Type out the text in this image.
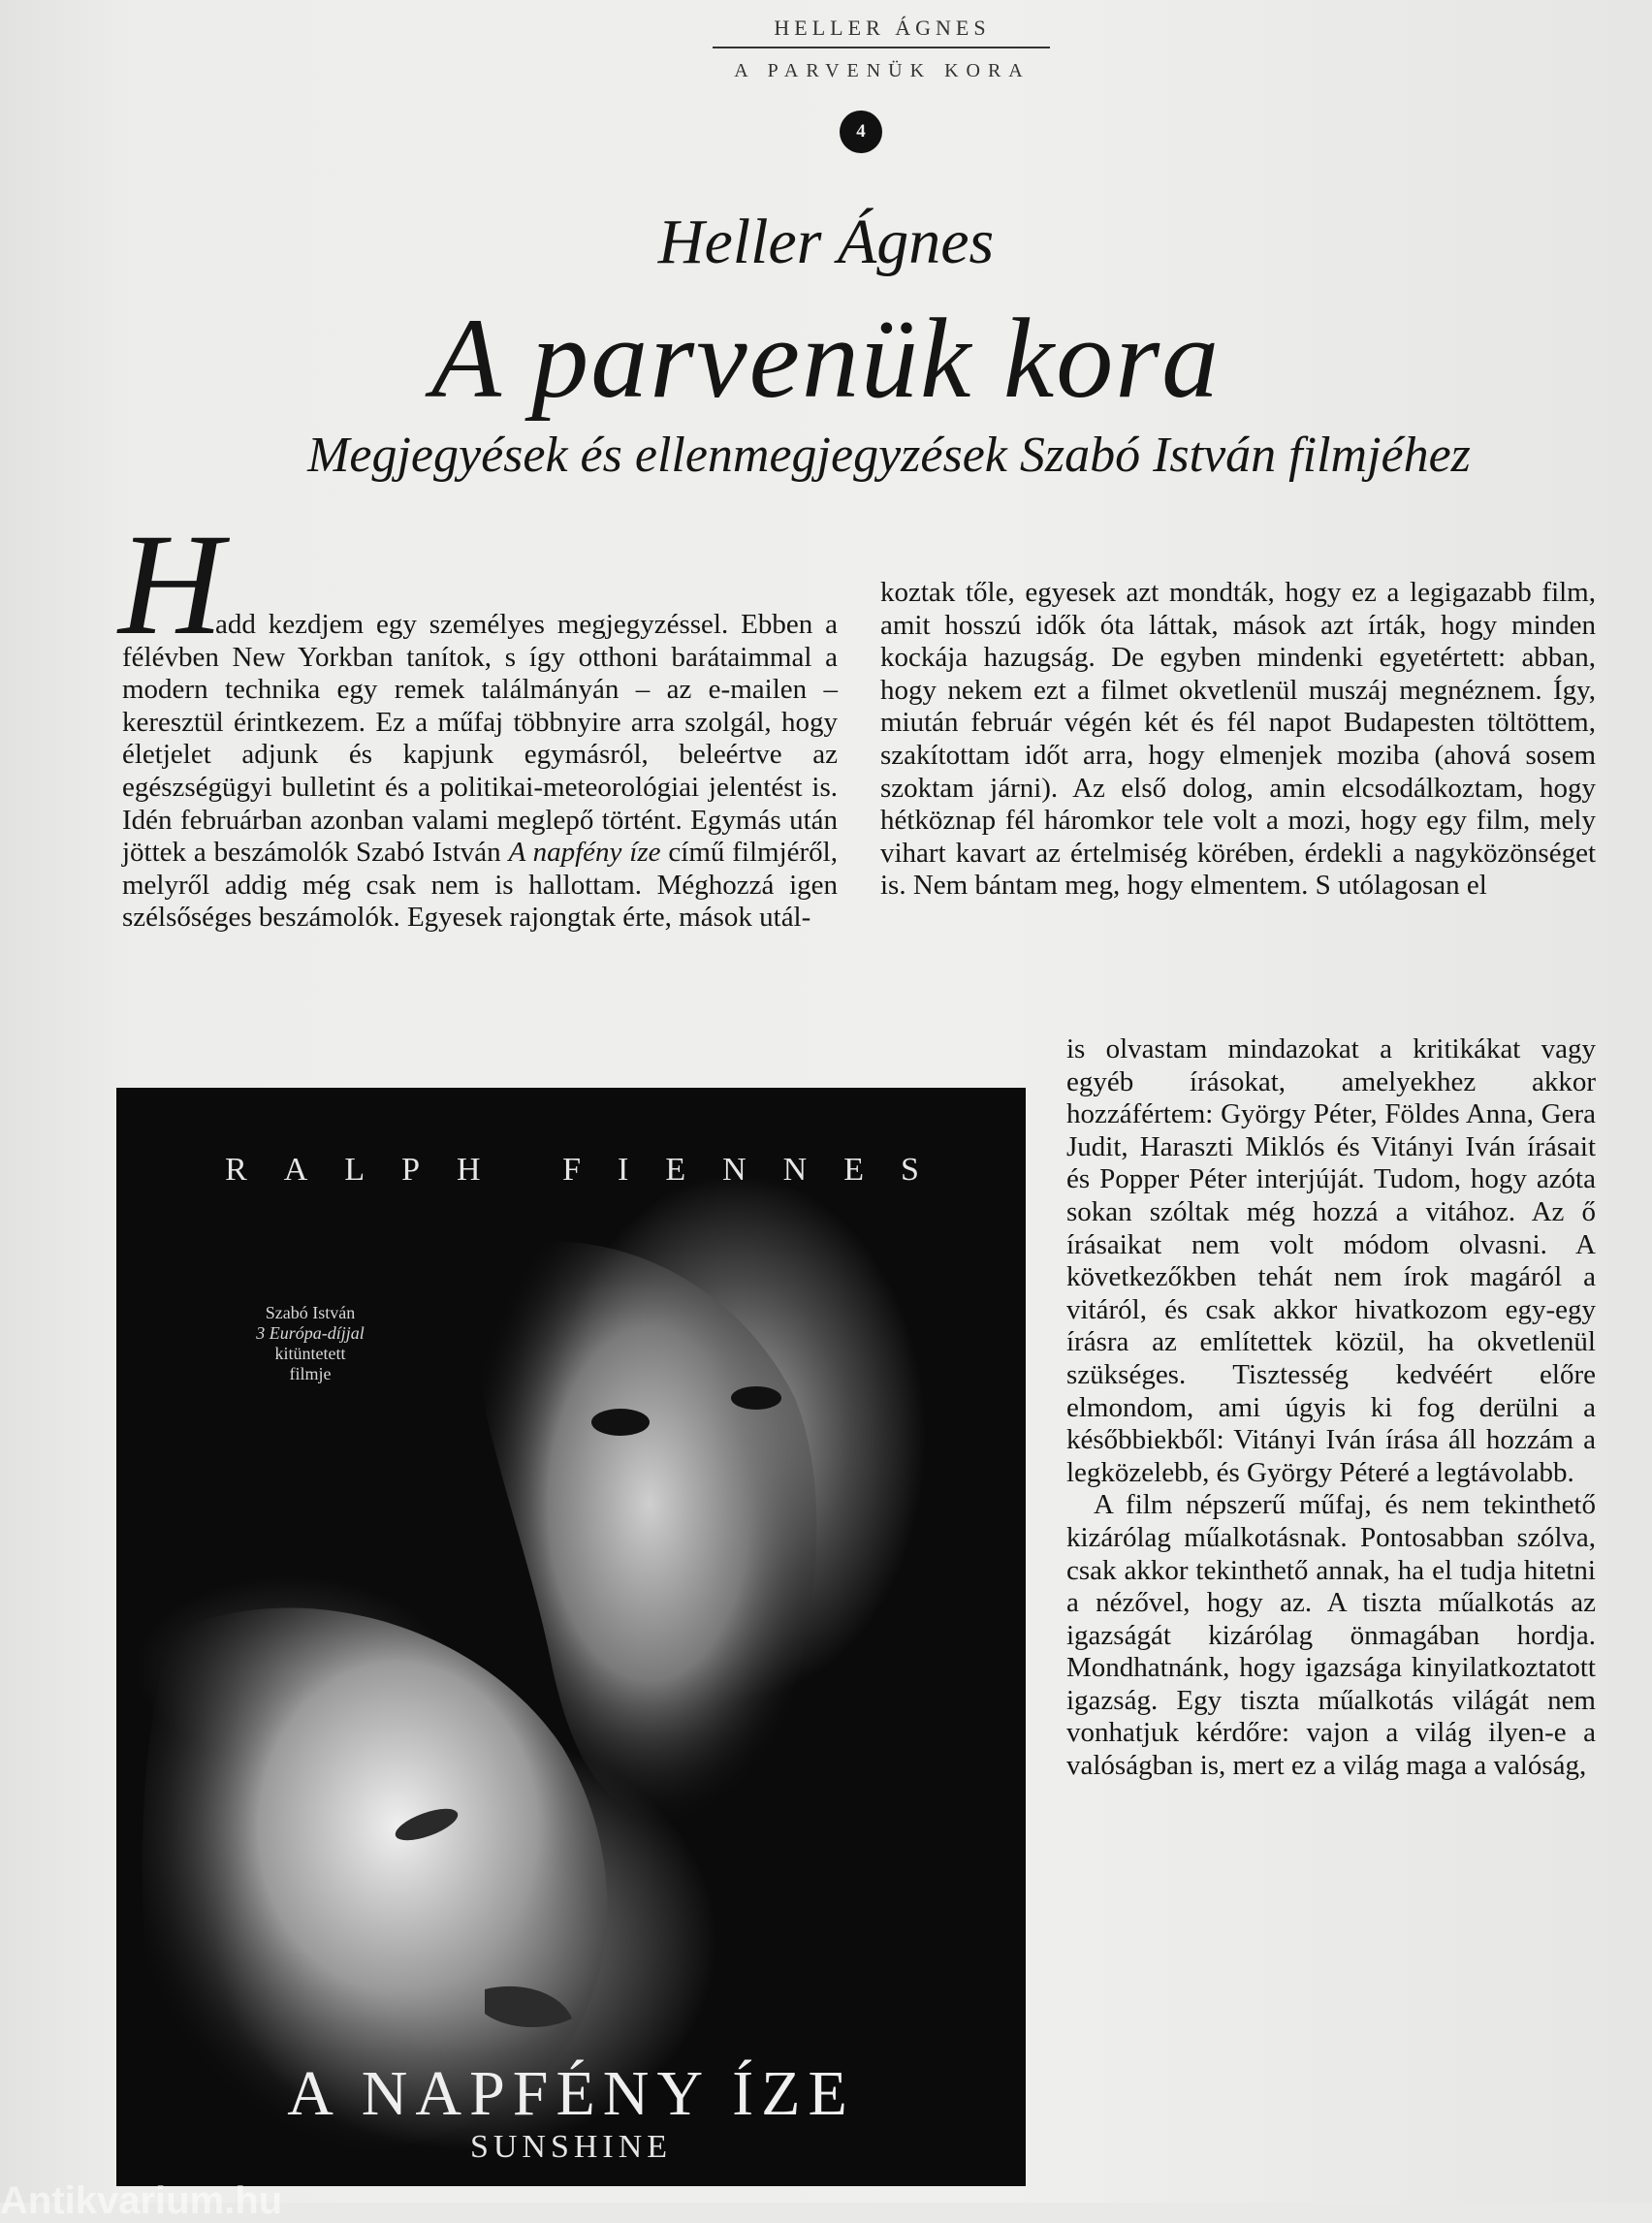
HELLER ÁGNES
A PARVENÜK KORA
4
Heller Ágnes
A parvenük kora
Megjegyések és ellenmegjegyzések Szabó István filmjéhez
H

add kezdjem egy személyes megjegyzéssel. Ebben a félévben New Yorkban tanítok, s így otthoni barátaimmal a modern technika egy remek találmányán – az e-mailen – keresztül érintkezem. Ez a műfaj többnyire arra szolgál, hogy életjelet adjunk és kapjunk egymásról, beleértve az egészségügyi bulletint és a politikai-meteorológiai jelentést is. Idén februárban azonban valami meglepő történt. Egymás után jöttek a beszámolók Szabó István A napfény íze című filmjéről, melyről addig még csak nem is hallottam. Méghozzá igen szélsőséges beszámolók. Egyesek rajongtak érte, mások utál-

koztak tőle, egyesek azt mondták, hogy ez a legigazabb film, amit hosszú idők óta láttak, mások azt írták, hogy minden kockája hazugság. De egyben mindenki egyetértett: abban, hogy nekem ezt a filmet okvetlenül muszáj megnéznem. Így, miután február végén két és fél napot Budapesten töltöttem, szakítottam időt arra, hogy elmenjek moziba (ahová sosem szoktam járni). Az első dolog, amin elcsodálkoztam, hogy hétköznap fél háromkor tele volt a mozi, hogy egy film, mely vihart kavart az értelmiség körében, érdekli a nagyközönséget is. Nem bántam meg, hogy elmentem. S utólagosan el

is olvastam mindazokat a kritikákat vagy egyéb írásokat, amelyekhez akkor hozzáfértem: György Péter, Földes Anna, Gera Judit, Haraszti Miklós és Vitányi Iván írásait és Popper Péter interjúját. Tudom, hogy azóta sokan szóltak még hozzá a vitához. Az ő írásaikat nem volt módom olvasni. A következőkben tehát nem írok magáról a vitáról, és csak akkor hivatkozom egy-egy írásra az említettek közül, ha okvetlenül szükséges. Tisztesség kedvéért előre elmondom, ami úgyis ki fog derülni a későbbiekből: Vitányi Iván írása áll hozzám a legközelebb, és György Péteré a legtávolabb.

A film népszerű műfaj, és nem tekinthető kizárólag műalkotásnak. Pontosabban szólva, csak akkor tekinthető annak, ha el tudja hitetni a nézővel, hogy az. A tiszta műalkotás az igazságát kizárólag önmagában hordja. Mondhatnánk, hogy igazsága kinyilatkoztatott igazság. Egy tiszta műalkotás világát nem vonhatjuk kérdőre: vajon a világ ilyen-e a valóságban is, mert ez a világ maga a valóság,

RALPH FIENNES
Szabó István
3 Európa-díjjal
kitüntetett
filmje
A NAPFÉNY ÍZE
SUNSHINE
Antikvarium.hu
